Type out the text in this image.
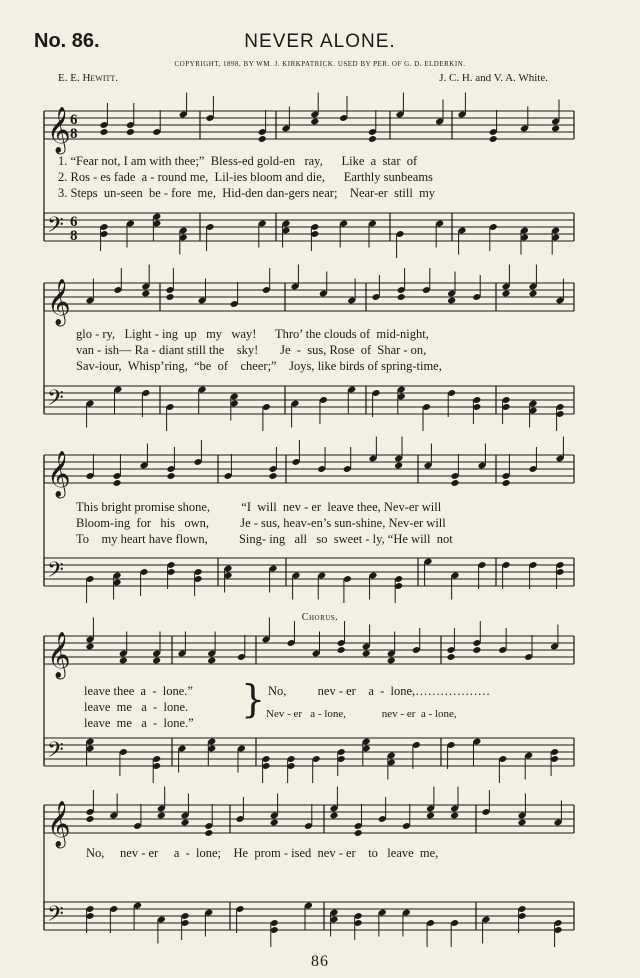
No. 86.	NEVER ALONE.
COPYRIGHT, 1898, BY WM. J. KIRKPATRICK. USED BY PER. OF G. D. ELDERKIN.
E. E. Hewitt.	J. C. H. and V. A. White.
𝄞 6
8
𝄢 6
8
𝄞
𝄢
𝄞
𝄢
𝄞
𝄢
𝄞
𝄢
1. “Fear not, I am with thee;”  Bless-ed gold-en   ray,      Like  a  star  of
2. Ros - es fade  a - round me,  Lil-ies bloom and die,      Earthly sunbeams
3. Steps  un-seen  be - fore  me,  Hid-den dan-gers near;    Near-er  still  my
glo - ry,   Light - ing  up   my   way!      Thro’ the clouds of  mid-night,
van - ish— Ra - diant still the    sky!       Je  -  sus, Rose  of  Shar - on,
Sav-iour,  Whisp’ring,  “be  of    cheer;”    Joys, like birds of spring-time,
This bright promise shone,          “I  will  nev - er  leave thee, Nev-er will
Bloom-ing  for   his   own,          Je - sus, heav-en’s sun-shine, Nev-er will
To    my heart have flown,          Sing- ing   all   so  sweet - ly, “He will  not
Chorus.
leave thee  a  -  lone.”
leave  me   a  -  lone.
leave  me   a  -  lone.”
} No,          nev - er    a  -  lone,………………
Nev - er   a - lone,             nev - er  a - lone,
No,     nev - er     a  -  lone;    He  prom - ised  nev - er    to   leave  me,
86
